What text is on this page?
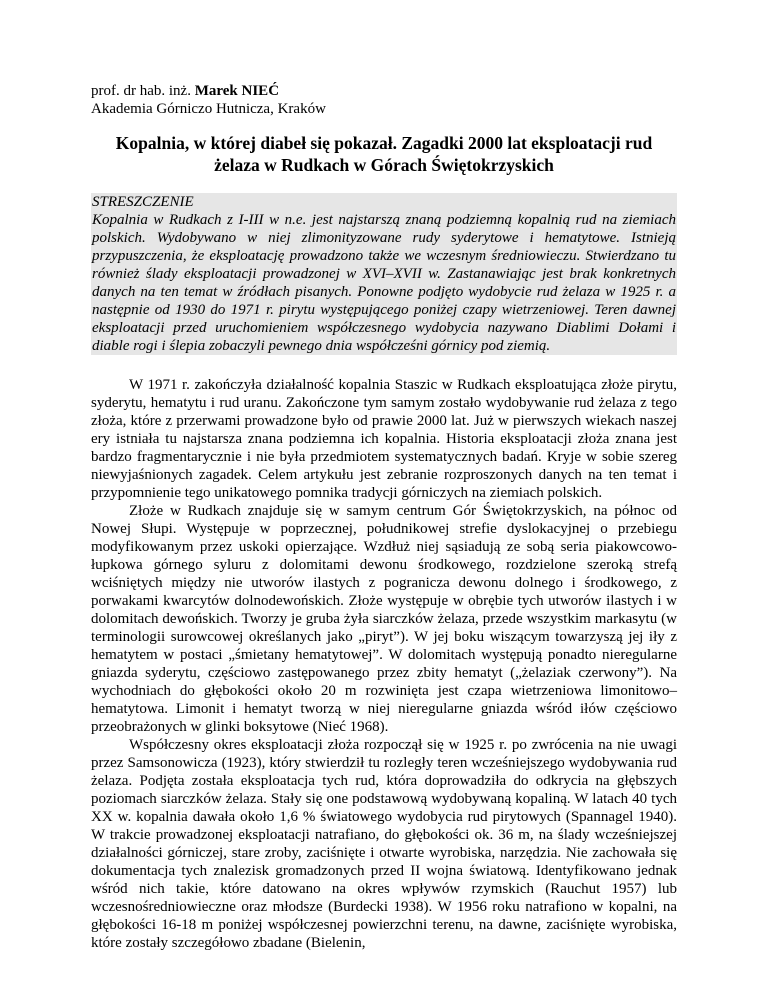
prof. dr hab. inż. Marek NIEĆ
Akademia Górniczo Hutnicza, Kraków
Kopalnia, w której diabeł się pokazał. Zagadki 2000 lat eksploatacji rud żelaza w Rudkach w Górach Świętokrzyskich
STRESZCZENIE
Kopalnia w Rudkach z I-III w n.e. jest najstarszą znaną podziemną kopalnią rud na ziemiach polskich. Wydobywano w niej zlimonityzowane rudy syderytowe i hematytowe. Istnieją przypuszczenia, że eksploatację prowadzono także we wczesnym średniowieczu. Stwierdzano tu również ślady eksploatacji prowadzonej w XVI–XVII w. Zastanawiając jest brak konkretnych danych na ten temat w źródłach pisanych. Ponowne podjęto wydobycie rud żelaza w 1925 r. a następnie od 1930 do 1971 r. pirytu występującego poniżej czapy wietrzeniowej. Teren dawnej eksploatacji przed uruchomieniem współczesnego wydobycia nazywano Diablimi Dołami i diable rogi i ślepia zobaczyli pewnego dnia współcześni górnicy pod ziemią.

W 1971 r. zakończyła działalność kopalnia Staszic w Rudkach eksploatująca złoże pirytu, syderytu, hematytu i rud uranu. Zakończone tym samym zostało wydobywanie rud żelaza z tego złoża, które z przerwami prowadzone było od prawie 2000 lat. Już w pierwszych wiekach naszej ery istniała tu najstarsza znana podziemna ich kopalnia. Historia eksploatacji złoża znana jest bardzo fragmentarycznie i nie była przedmiotem systematycznych badań. Kryje w sobie szereg niewyjaśnionych zagadek. Celem artykułu jest zebranie rozproszonych danych na ten temat i przypomnienie tego unikatowego pomnika tradycji górniczych na ziemiach polskich.

Złoże w Rudkach znajduje się w samym centrum Gór Świętokrzyskich, na północ od Nowej Słupi. Występuje w poprzecznej, południkowej strefie dyslokacyjnej o przebiegu modyfikowanym przez uskoki opierzające. Wzdłuż niej sąsiadują ze sobą seria piakowcowo-łupkowa górnego syluru z dolomitami dewonu środkowego, rozdzielone szeroką strefą wciśniętych między nie utworów ilastych z pogranicza dewonu dolnego i środkowego, z porwakami kwarcytów dolnodewońskich. Złoże występuje w obrębie tych utworów ilastych i w dolomitach dewońskich. Tworzy je gruba żyła siarczków żelaza, przede wszystkim markasytu (w terminologii surowcowej określanych jako „piryt”). W jej boku wiszącym towarzyszą jej iły z hematytem w postaci „śmietany hematytowej”. W dolomitach występują ponadto nieregularne gniazda syderytu, częściowo zastępowanego przez zbity hematyt („żelaziak czerwony”). Na wychodniach do głębokości około 20 m rozwinięta jest czapa wietrzeniowa limonitowo–hematytowa. Limonit i hematyt tworzą w niej nieregularne gniazda wśród iłów częściowo przeobrażonych w glinki boksytowe (Nieć 1968).

Współczesny okres eksploatacji złoża rozpoczął się w 1925 r. po zwrócenia na nie uwagi przez Samsonowicza (1923), który stwierdził tu rozległy teren wcześniejszego wydobywania rud żelaza. Podjęta została eksploatacja tych rud, która doprowadziła do odkrycia na głębszych poziomach siarczków żelaza. Stały się one podstawową wydobywaną kopaliną. W latach 40 tych XX w. kopalnia dawała około 1,6 % światowego wydobycia rud pirytowych (Spannagel 1940). W trakcie prowadzonej eksploatacji natrafiano, do głębokości ok. 36 m, na ślady wcześniejszej działalności górniczej, stare zroby, zaciśnięte i otwarte wyrobiska, narzędzia. Nie zachowała się dokumentacja tych znalezisk gromadzonych przed II wojna światową. Identyfikowano jednak wśród nich takie, które datowano na okres wpływów rzymskich (Rauchut 1957) lub wczesnośredniowieczne oraz młodsze (Burdecki 1938). W 1956 roku natrafiono w kopalni, na głębokości 16-18 m poniżej współczesnej powierzchni terenu, na dawne, zaciśnięte wyrobiska, które zostały szczegółowo zbadane (Bielenin,
